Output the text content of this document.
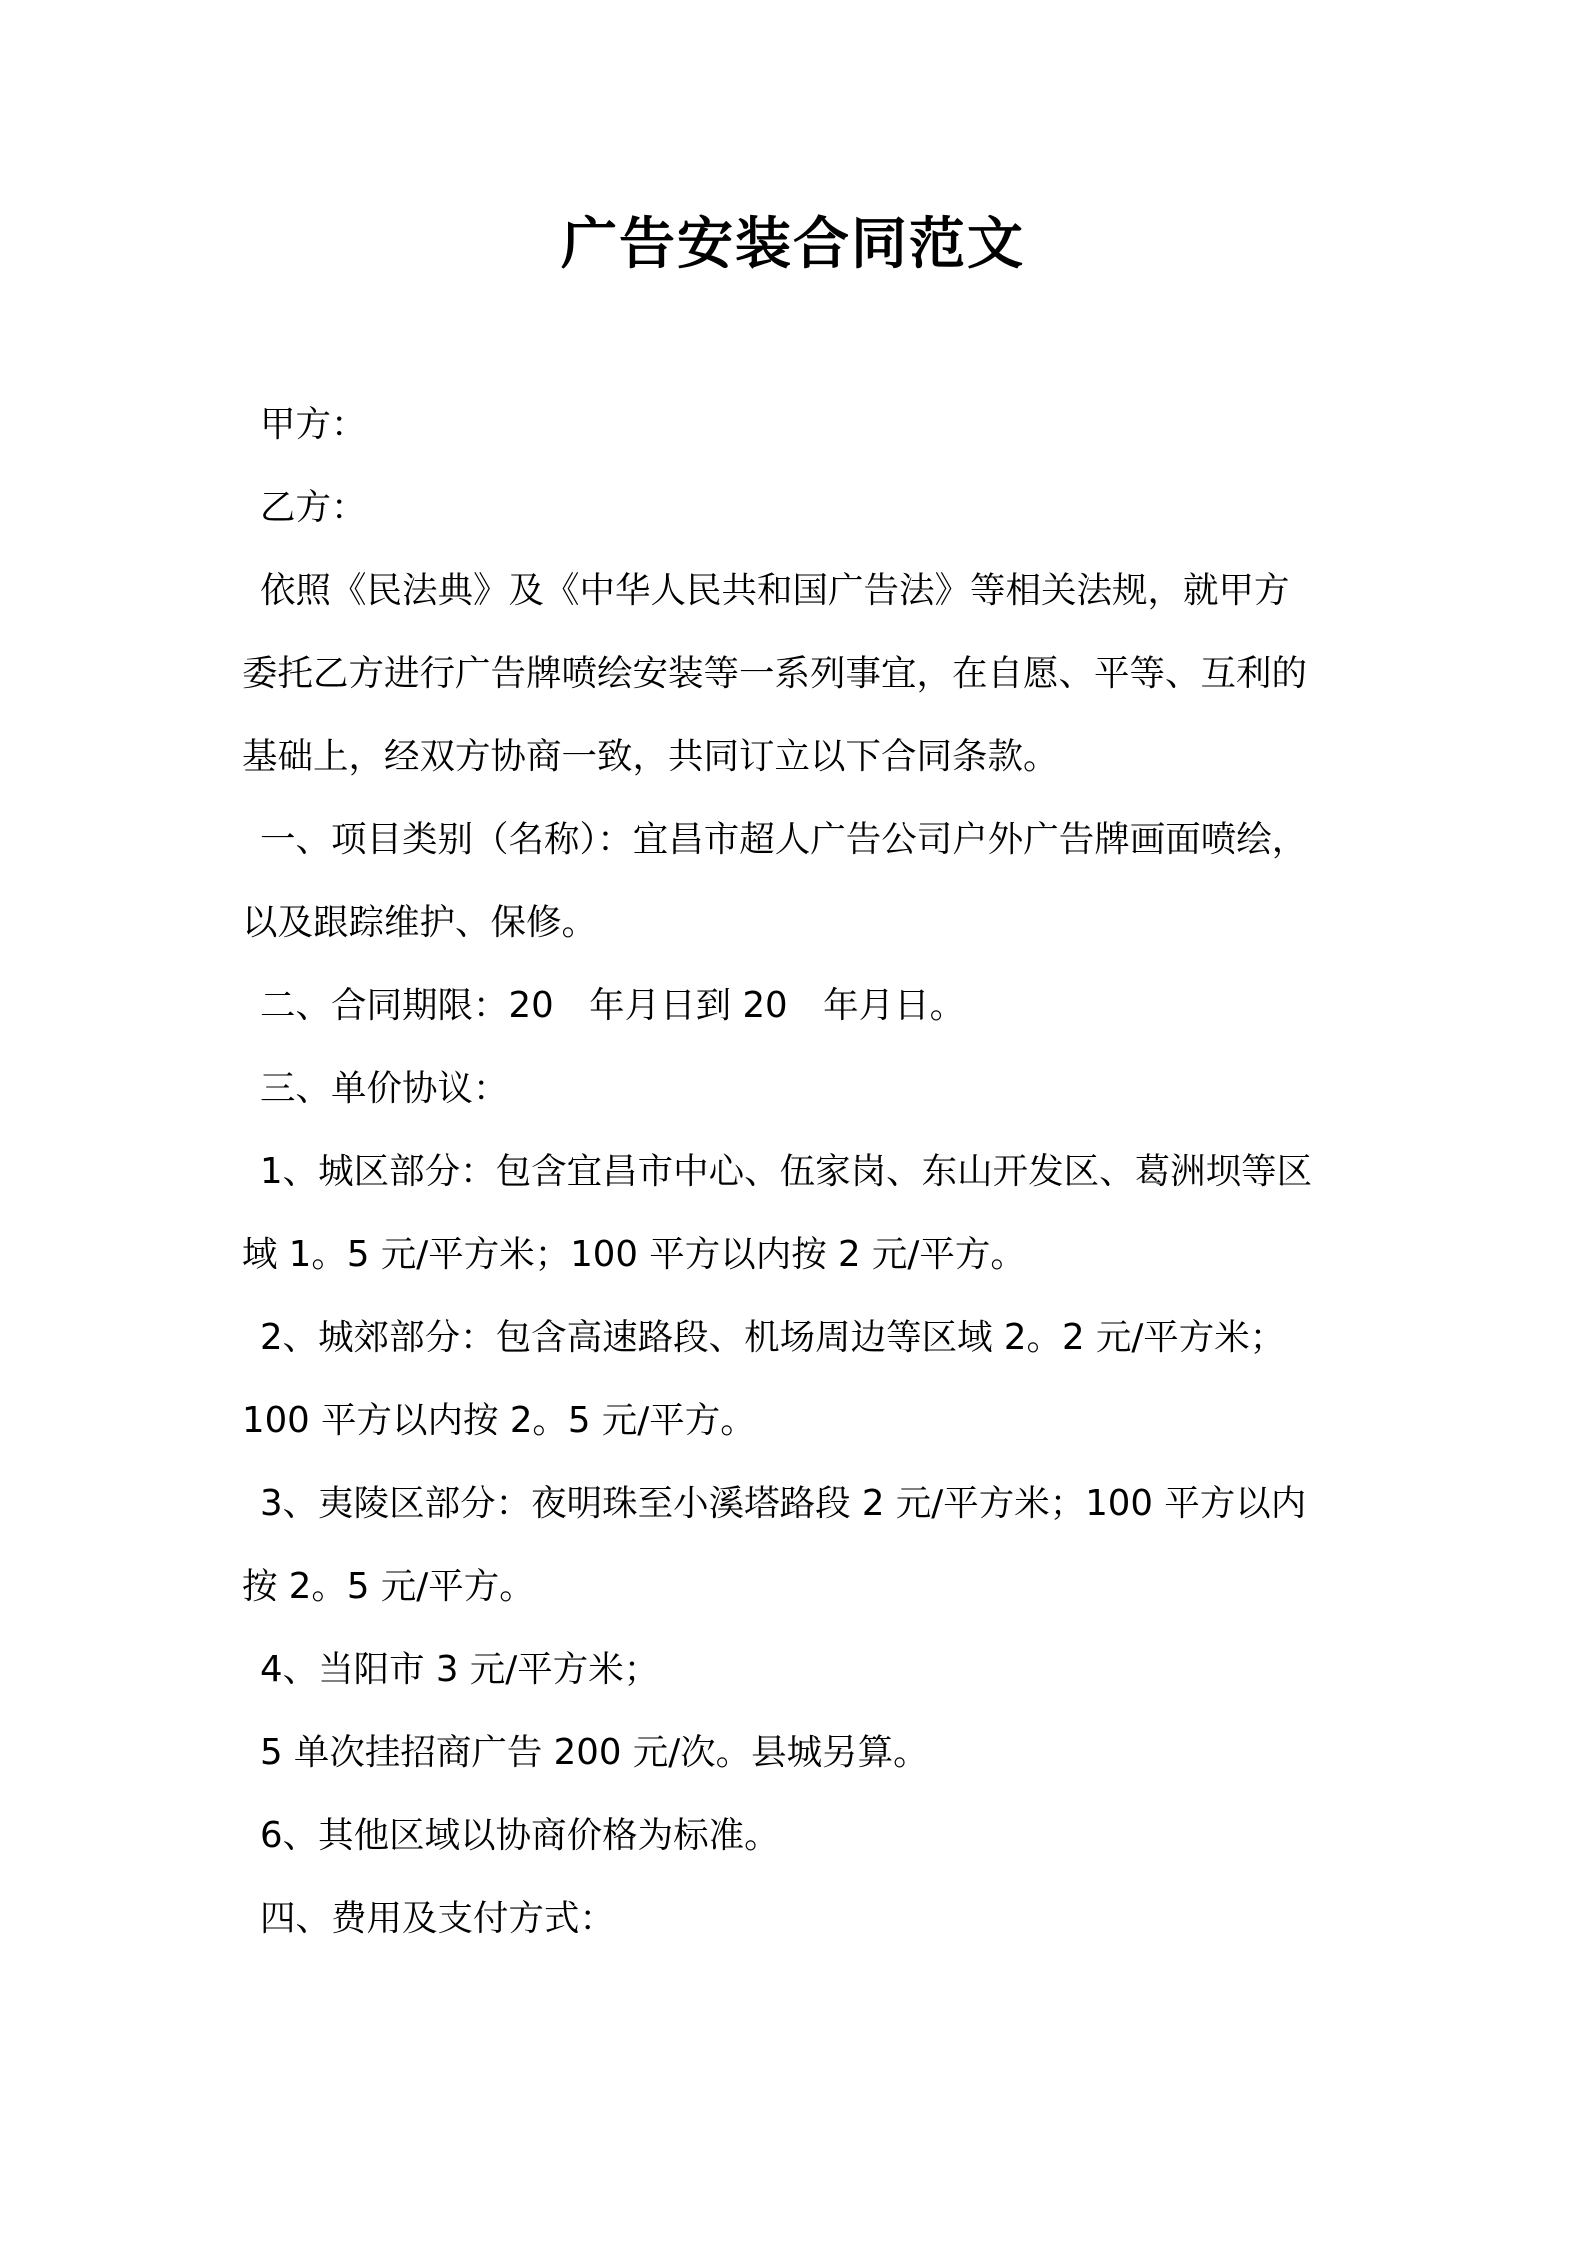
广告安装合同范文

甲方：

乙方：

依照《民法典》及《中华人民共和国广告法》等相关法规，就甲方

委托乙方进行广告牌喷绘安装等一系列事宜，在自愿、平等、互利的

基础上，经双方协商一致，共同订立以下合同条款。

一、项目类别（名称）：宜昌市超人广告公司户外广告牌画面喷绘，

以及跟踪维护、保修。

二、合同期限：20　年月日到 20　年月日。

三、单价协议：

1、城区部分：包含宜昌市中心、伍家岗、东山开发区、葛洲坝等区

域 1。5 元/平方米；100 平方以内按 2 元/平方。

2、城郊部分：包含高速路段、机场周边等区域 2。2 元/平方米；

100 平方以内按 2。5 元/平方。

3、夷陵区部分：夜明珠至小溪塔路段 2 元/平方米；100 平方以内

按 2。5 元/平方。

4、当阳市 3 元/平方米；

5 单次挂招商广告 200 元/次。县城另算。

6、其他区域以协商价格为标准。

四、费用及支付方式：
